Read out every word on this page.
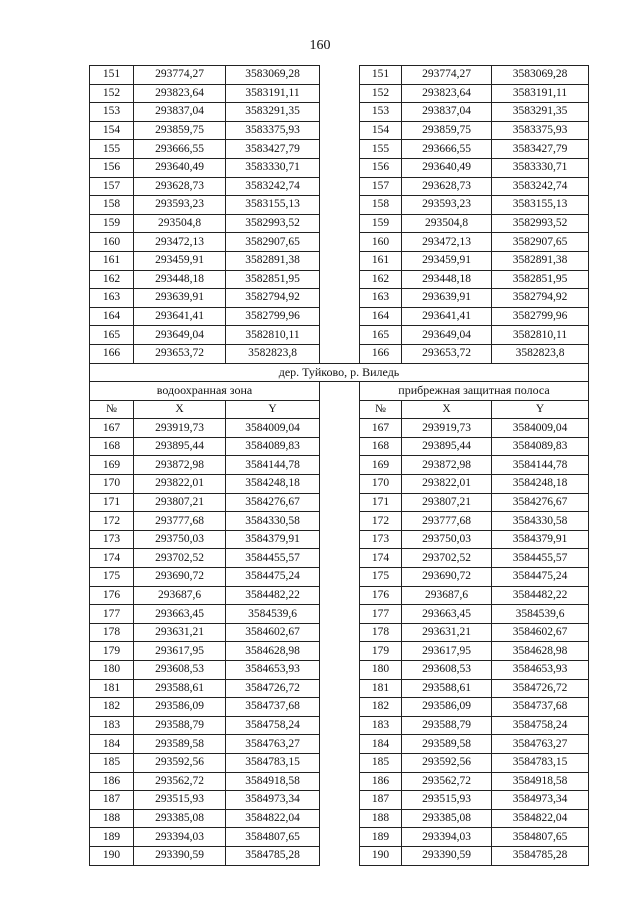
160
151	293774,27	3583069,28		151	293774,27	3583069,28
152	293823,64	3583191,11		152	293823,64	3583191,11
153	293837,04	3583291,35		153	293837,04	3583291,35
154	293859,75	3583375,93		154	293859,75	3583375,93
155	293666,55	3583427,79		155	293666,55	3583427,79
156	293640,49	3583330,71		156	293640,49	3583330,71
157	293628,73	3583242,74		157	293628,73	3583242,74
158	293593,23	3583155,13		158	293593,23	3583155,13
159	293504,8	3582993,52		159	293504,8	3582993,52
160	293472,13	3582907,65		160	293472,13	3582907,65
161	293459,91	3582891,38		161	293459,91	3582891,38
162	293448,18	3582851,95		162	293448,18	3582851,95
163	293639,91	3582794,92		163	293639,91	3582794,92
164	293641,41	3582799,96		164	293641,41	3582799,96
165	293649,04	3582810,11		165	293649,04	3582810,11
166	293653,72	3582823,8		166	293653,72	3582823,8
дер. Туйково, р. Виледь						
водоохранная зона				прибрежная защитная полоса		
№	X	Y		№	X	Y
167	293919,73	3584009,04		167	293919,73	3584009,04
168	293895,44	3584089,83		168	293895,44	3584089,83
169	293872,98	3584144,78		169	293872,98	3584144,78
170	293822,01	3584248,18		170	293822,01	3584248,18
171	293807,21	3584276,67		171	293807,21	3584276,67
172	293777,68	3584330,58		172	293777,68	3584330,58
173	293750,03	3584379,91		173	293750,03	3584379,91
174	293702,52	3584455,57		174	293702,52	3584455,57
175	293690,72	3584475,24		175	293690,72	3584475,24
176	293687,6	3584482,22		176	293687,6	3584482,22
177	293663,45	3584539,6		177	293663,45	3584539,6
178	293631,21	3584602,67		178	293631,21	3584602,67
179	293617,95	3584628,98		179	293617,95	3584628,98
180	293608,53	3584653,93		180	293608,53	3584653,93
181	293588,61	3584726,72		181	293588,61	3584726,72
182	293586,09	3584737,68		182	293586,09	3584737,68
183	293588,79	3584758,24		183	293588,79	3584758,24
184	293589,58	3584763,27		184	293589,58	3584763,27
185	293592,56	3584783,15		185	293592,56	3584783,15
186	293562,72	3584918,58		186	293562,72	3584918,58
187	293515,93	3584973,34		187	293515,93	3584973,34
188	293385,08	3584822,04		188	293385,08	3584822,04
189	293394,03	3584807,65		189	293394,03	3584807,65
190	293390,59	3584785,28		190	293390,59	3584785,28
